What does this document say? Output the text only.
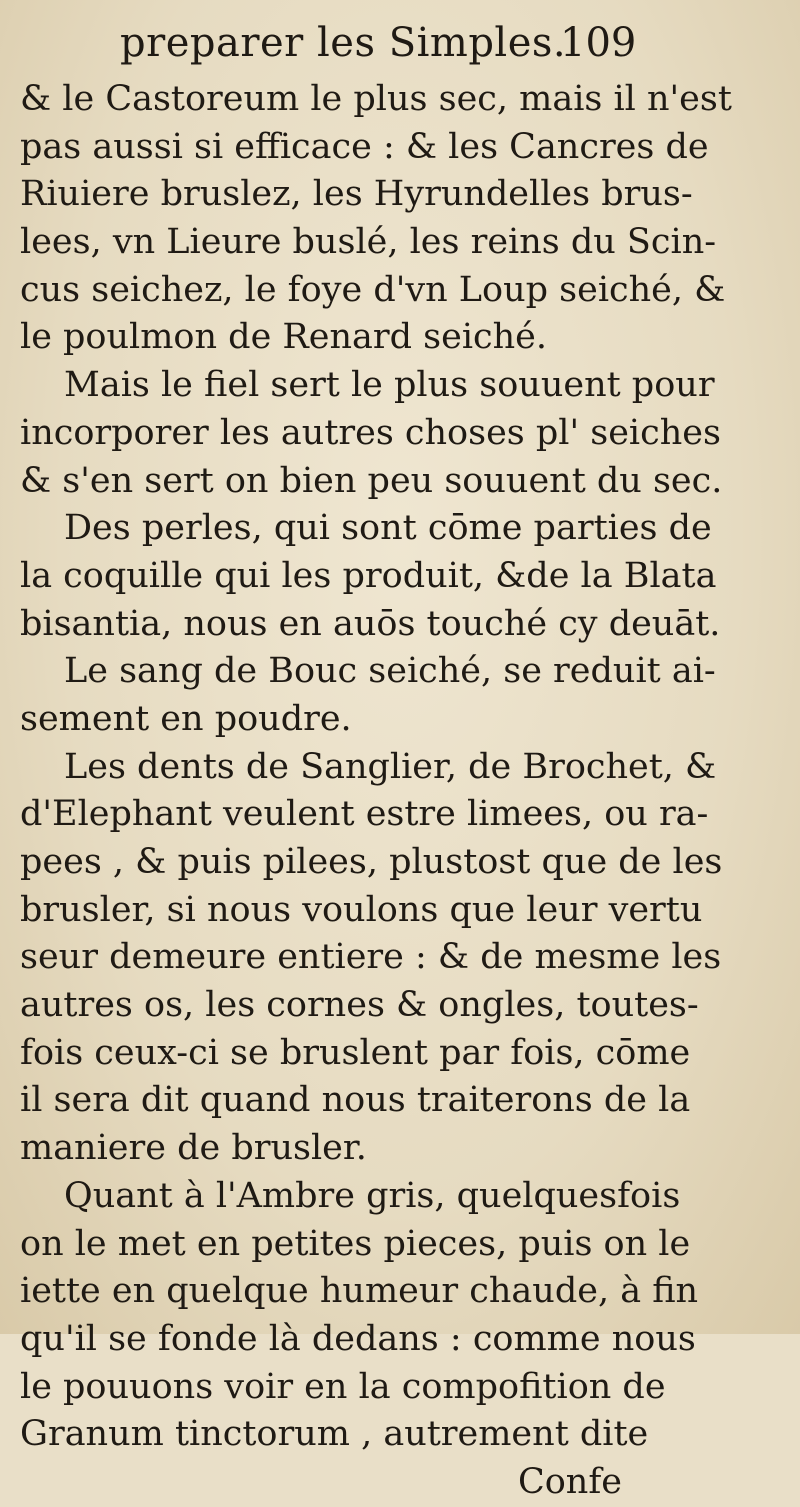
preparer les Simples.
109
& le Castoreum le plus sec, mais il n'est
pas aussi si efficace : & les Cancres de
Riuiere bruslez, les Hyrundelles brus-
lees, vn Lieure buslé, les reins du Scin-
cus seichez, le foye d'vn Loup seiché, &
le poulmon de Renard seiché.
Mais le fiel sert le plus souuent pour
incorporer les autres choses pl' seiches
& s'en sert on bien peu souuent du sec.
Des perles, qui sont cōme parties de
la coquille qui les produit, &de la Blata
bisantia, nous en auōs touché cy deuāt.
Le sang de Bouc seiché, se reduit ai-
sement en poudre.
Les dents de Sanglier, de Brochet, &
d'Elephant veulent estre limees, ou ra-
pees , & puis pilees, plustost que de les
brusler, si nous voulons que leur vertu
seur demeure entiere : & de mesme les
autres os, les cornes & ongles, toutes-
fois ceux-ci se bruslent par fois, cōme
il sera dit quand nous traiterons de la
maniere de brusler.
Quant à l'Ambre gris, quelquesfois
on le met en petites pieces, puis on le
iette en quelque humeur chaude, à fin
qu'il se fonde là dedans : comme nous
le pouuons voir en la compofition de
Granum tinctorum , autrement dite
Confe
